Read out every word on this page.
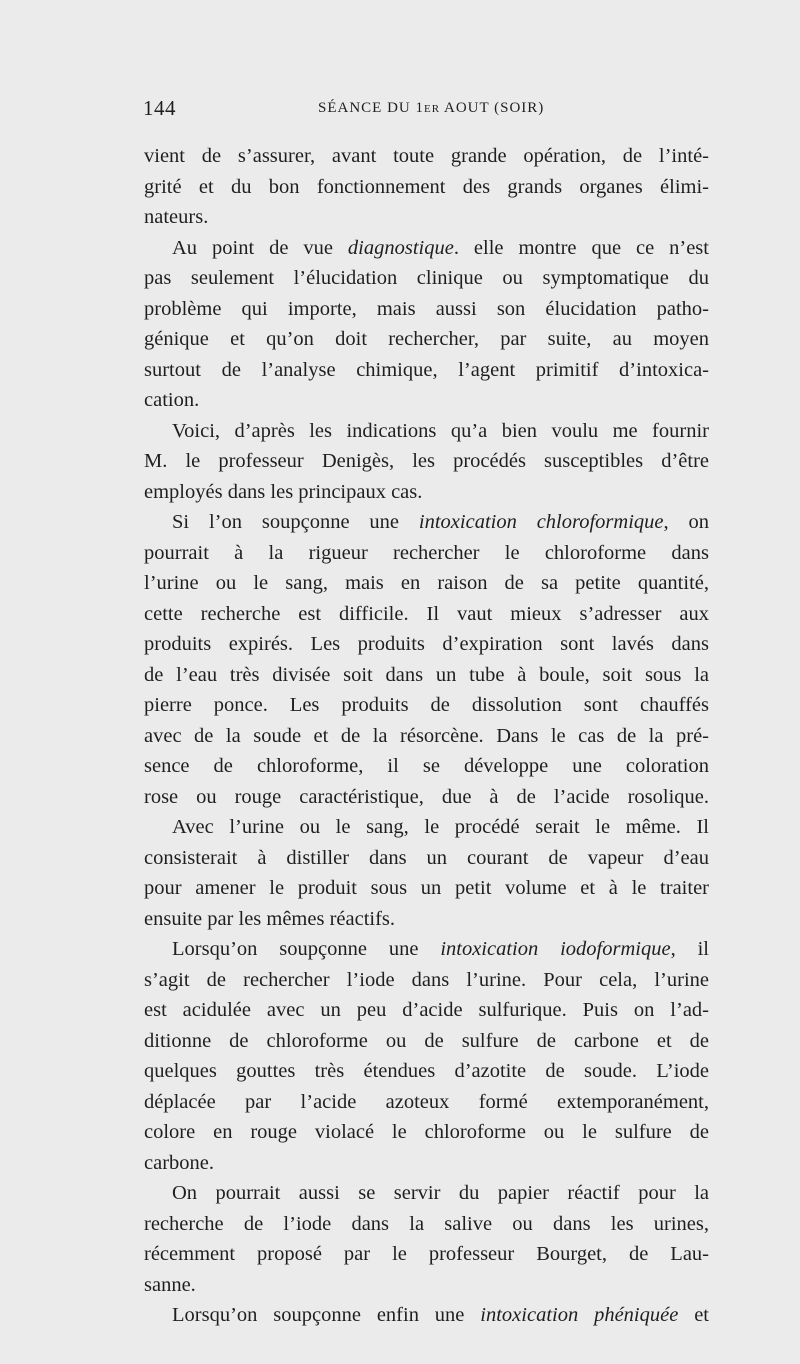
144	SÉANCE DU 1er AOUT (SOIR)
vient de s’assurer, avant toute grande opération, de l’inté-
grité et du bon fonctionnement des grands organes élimi-
nateurs.
Au point de vue diagnostique. elle montre que ce n’est
pas seulement l’élucidation clinique ou symptomatique du
problème qui importe, mais aussi son élucidation patho-
génique et qu’on doit rechercher, par suite, au moyen
surtout de l’analyse chimique, l’agent primitif d’intoxica-
cation.
Voici, d’après les indications qu’a bien voulu me fournir
M. le professeur Denigès, les procédés susceptibles d’être
employés dans les principaux cas.
Si l’on soupçonne une intoxication chloroformique, on
pourrait à la rigueur rechercher le chloroforme dans
l’urine ou le sang, mais en raison de sa petite quantité,
cette recherche est difficile. Il vaut mieux s’adresser aux
produits expirés. Les produits d’expiration sont lavés dans
de l’eau très divisée soit dans un tube à boule, soit sous la
pierre ponce. Les produits de dissolution sont chauffés
avec de la soude et de la résorcène. Dans le cas de la pré-
sence de chloroforme, il se développe une coloration
rose ou rouge caractéristique, due à de l’acide rosolique.
Avec l’urine ou le sang, le procédé serait le même. Il
consisterait à distiller dans un courant de vapeur d’eau
pour amener le produit sous un petit volume et à le traiter
ensuite par les mêmes réactifs.
Lorsqu’on soupçonne une intoxication iodoformique, il
s’agit de rechercher l’iode dans l’urine. Pour cela, l’urine
est acidulée avec un peu d’acide sulfurique. Puis on l’ad-
ditionne de chloroforme ou de sulfure de carbone et de
quelques gouttes très étendues d’azotite de soude. L’iode
déplacée par l’acide azoteux formé extemporanément,
colore en rouge violacé le chloroforme ou le sulfure de
carbone.
On pourrait aussi se servir du papier réactif pour la
recherche de l’iode dans la salive ou dans les urines,
récemment proposé par le professeur Bourget, de Lau-
sanne.
Lorsqu’on soupçonne enfin une intoxication phéniquée et
